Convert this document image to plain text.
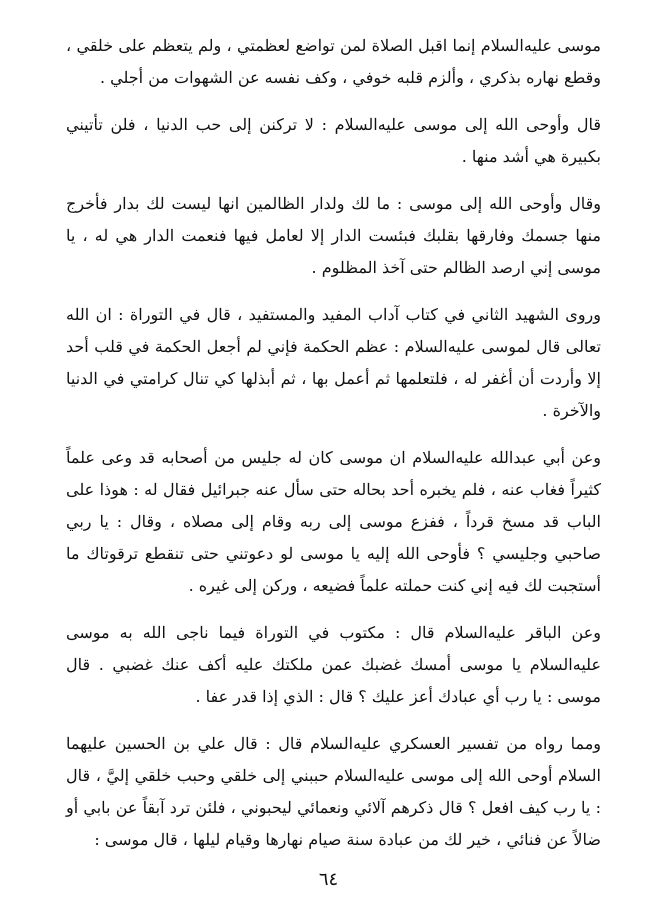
موسى عليه‌السلام إنما اقبل الصلاة لمن تواضع لعظمتي ، ولم يتعظم على خلقي ، وقطع نهاره بذكري ، وألزم قلبه خوفي ، وكف نفسه عن الشهوات من أجلي .

قال وأوحى الله إلى موسى عليه‌السلام : لا تركنن إلى حب الدنيا ، فلن تأتيني بكبيرة هي أشد منها .

وقال وأوحى الله إلى موسى : ما لك ولدار الظالمين انها ليست لك بدار فأخرج منها جسمك وفارقها بقلبك فبئست الدار إلا لعامل فيها فنعمت الدار هي له ، يا موسى إني ارصد الظالم حتى آخذ المظلوم .

وروى الشهيد الثاني في كتاب آداب المفيد والمستفيد ، قال في التوراة : ان الله تعالى قال لموسى عليه‌السلام : عظم الحكمة فإني لم أجعل الحكمة في قلب أحد إلا وأردت أن أغفر له ، فلتعلمها ثم أعمل بها ، ثم أبذلها كي تنال كرامتي في الدنيا والآخرة .

وعن أبي عبدالله عليه‌السلام ان موسى كان له جليس من أصحابه قد وعى علماً كثيراً فغاب عنه ، فلم يخبره أحد بحاله حتى سأل عنه جبرائيل فقال له : هوذا على الباب قد مسخ قرداً ، ففزع موسى إلى ربه وقام إلى مصلاه ، وقال : يا ربي صاحبي وجليسي ؟ فأوحى الله إليه يا موسى لو دعوتني حتى تنقطع ترقوتاك ما أستجبت لك فيه إني كنت حملته علماً فضيعه ، وركن إلى غيره .

وعن الباقر عليه‌السلام قال : مكتوب في التوراة فيما ناجى الله به موسى عليه‌السلام يا موسى أمسك غضبك عمن ملكتك عليه أكف عنك غضبي . قال موسى : يا رب أي عبادك أعز عليك ؟ قال : الذي إذا قدر عفا .

ومما رواه من تفسير العسكري عليه‌السلام قال : قال علي بن الحسين عليهما السلام أوحى الله إلى موسى عليه‌السلام حببني إلى خلقي وحبب خلقي إليَّ ، قال : يا رب كيف افعل ؟ قال ذكرهم آلائي ونعمائي ليحبوني ، فلئن ترد آبقاً عن بابي أو ضالاً عن فنائي ، خير لك من عبادة سنة صيام نهارها وقيام ليلها ، قال موسى :

٦٤
